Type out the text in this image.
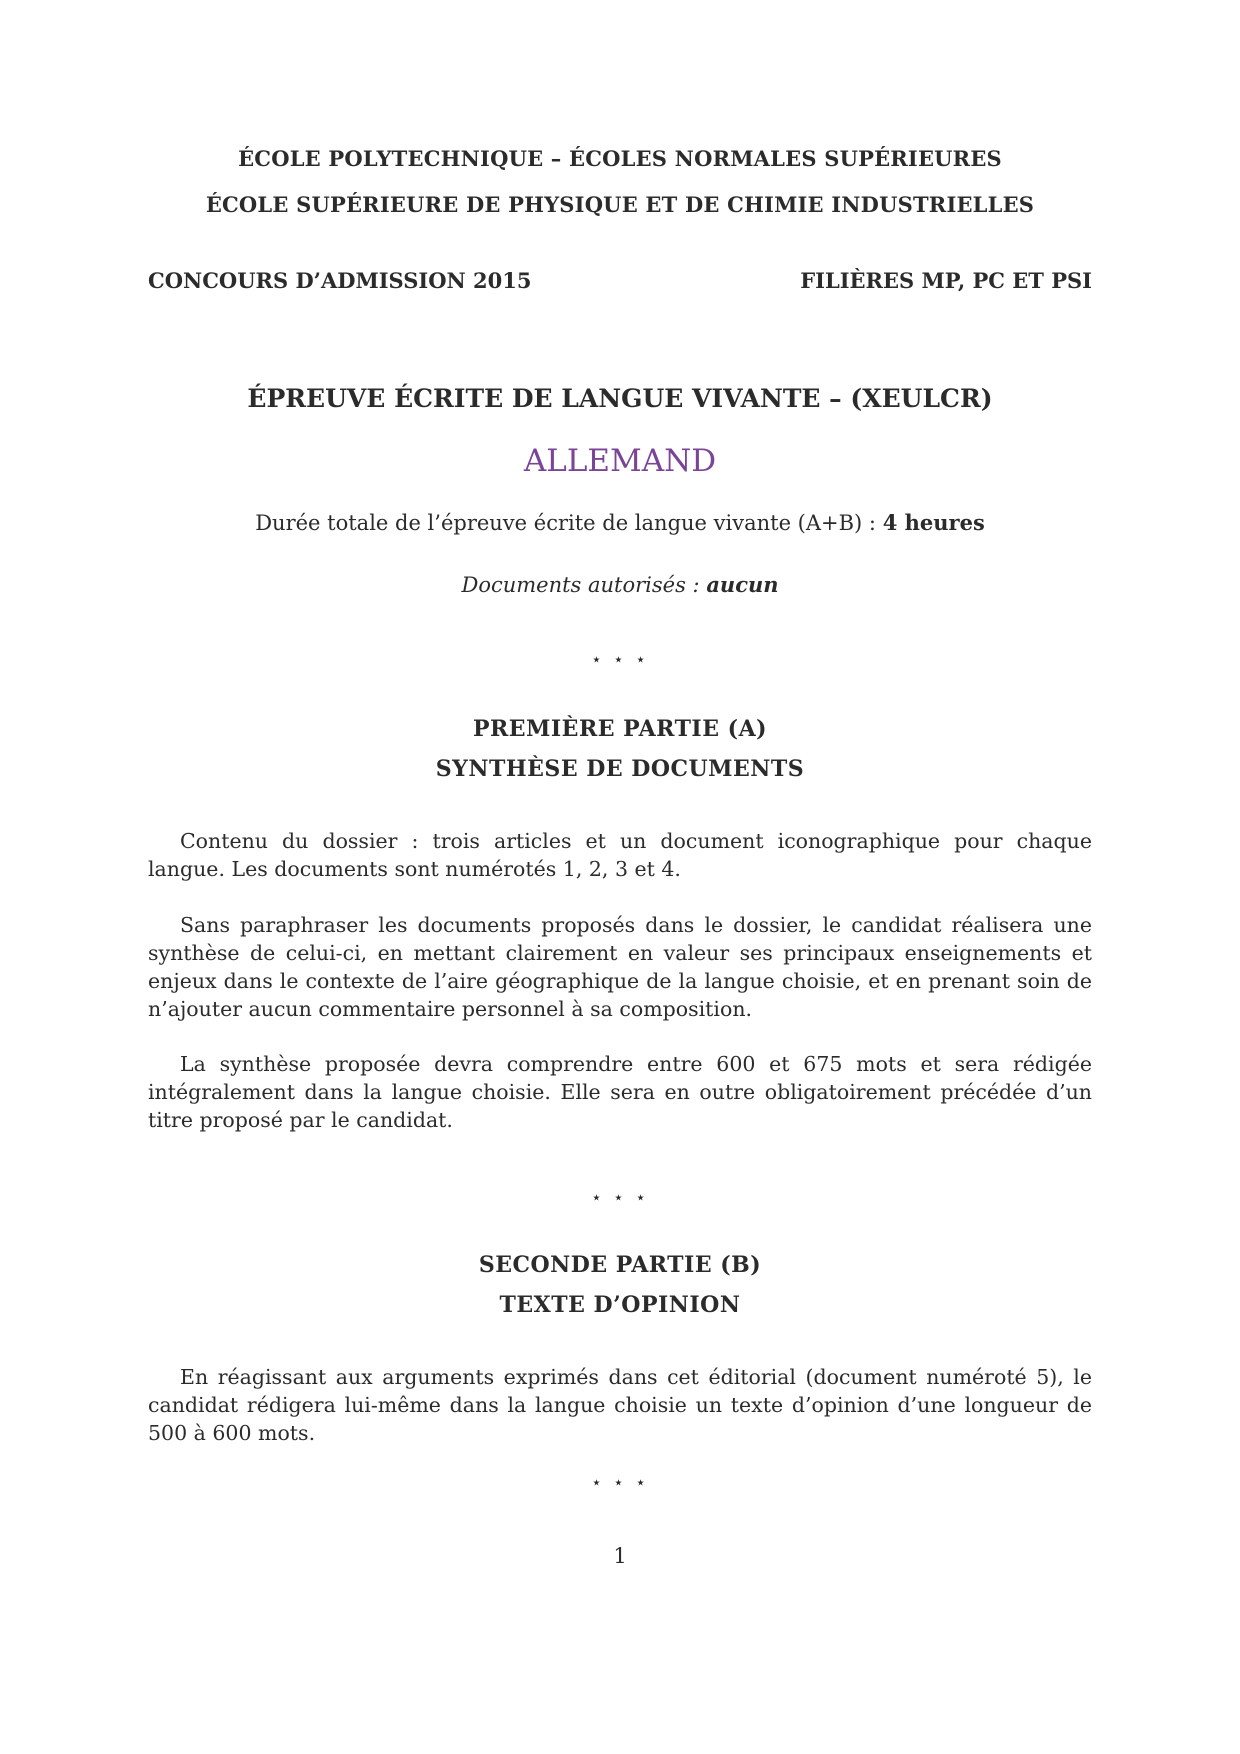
ÉCOLE POLYTECHNIQUE – ÉCOLES NORMALES SUPÉRIEURES
ÉCOLE SUPÉRIEURE DE PHYSIQUE ET DE CHIMIE INDUSTRIELLES
CONCOURS D’ADMISSION 2015	FILIÈRES MP, PC ET PSI
ÉPREUVE ÉCRITE DE LANGUE VIVANTE – (XEULCR)
ALLEMAND
Durée totale de l’épreuve écrite de langue vivante (A+B) : 4 heures
Documents autorisés : aucun
⋆ ⋆ ⋆
PREMIÈRE PARTIE (A)
SYNTHÈSE DE DOCUMENTS
Contenu du dossier : trois articles et un document iconographique pour chaque langue. Les documents sont numérotés 1, 2, 3 et 4.
Sans paraphraser les documents proposés dans le dossier, le candidat réalisera une synthèse de celui-ci, en mettant clairement en valeur ses principaux enseignements et enjeux dans le contexte de l’aire géographique de la langue choisie, et en prenant soin de n’ajouter aucun commentaire personnel à sa composition.
La synthèse proposée devra comprendre entre 600 et 675 mots et sera rédigée intégralement dans la langue choisie. Elle sera en outre obligatoirement précédée d’un titre proposé par le candidat.
⋆ ⋆ ⋆
SECONDE PARTIE (B)
TEXTE D’OPINION
En réagissant aux arguments exprimés dans cet éditorial (document numéroté 5), le candidat rédigera lui-même dans la langue choisie un texte d’opinion d’une longueur de 500 à 600 mots.
⋆ ⋆ ⋆
1
